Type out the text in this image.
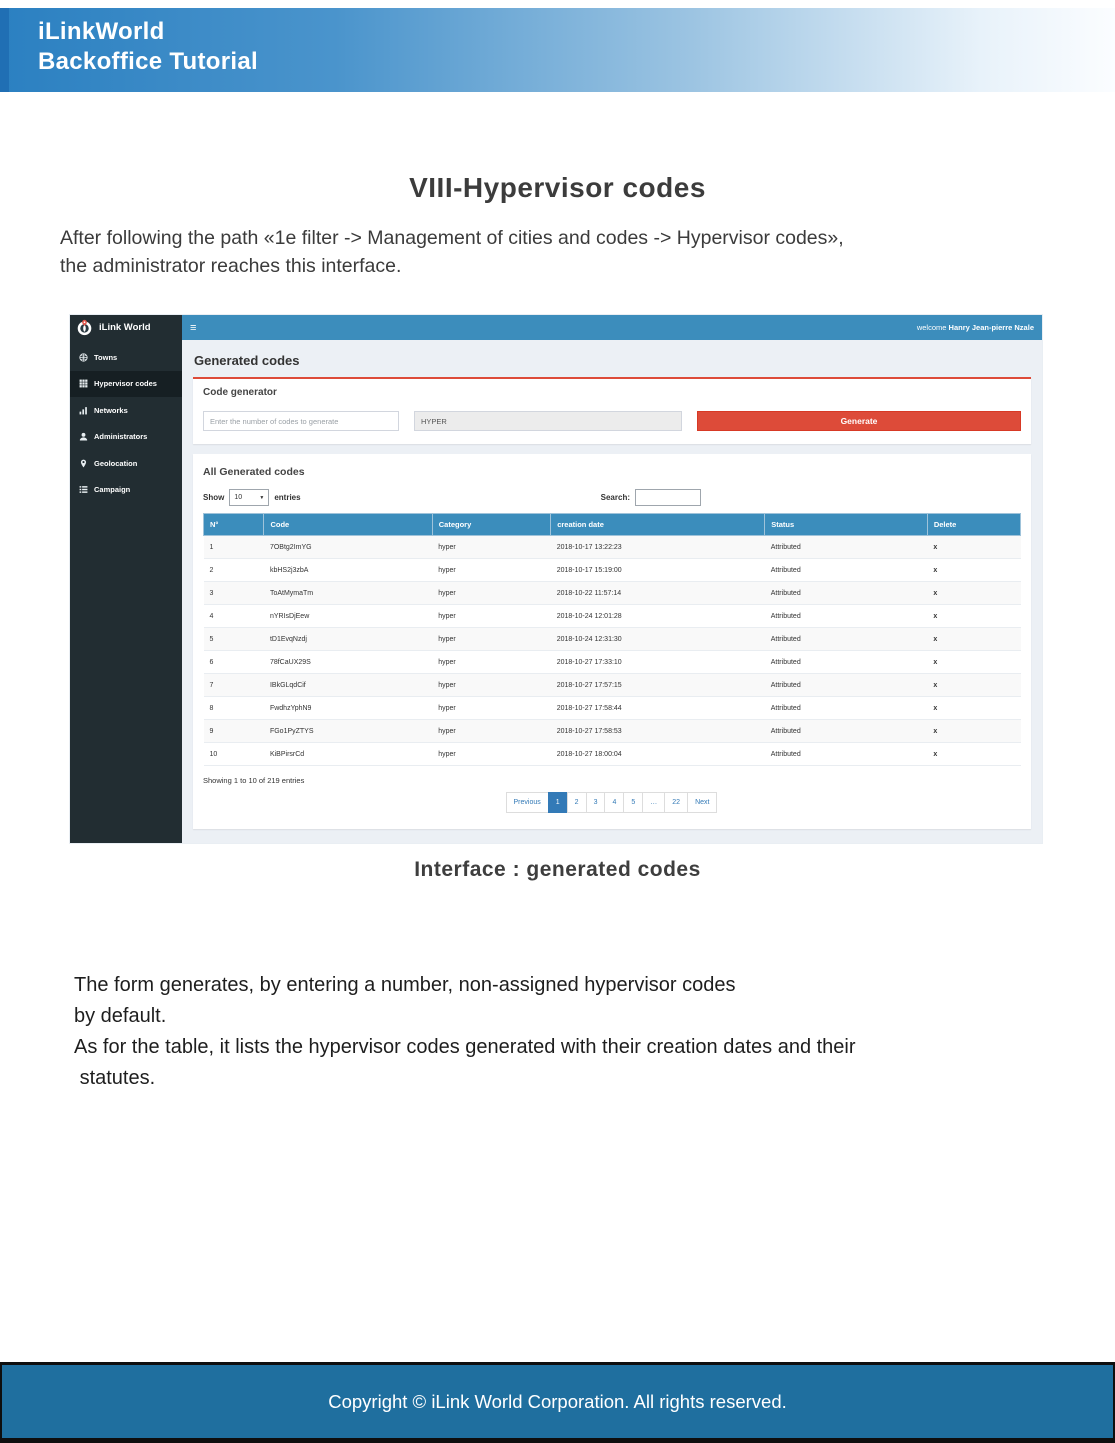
iLinkWorld
Backoffice Tutorial
VIII-Hypervisor codes
After following the path «1e filter -> Management of cities and codes -> Hypervisor codes»,
the administrator reaches this interface.
iLink World	≡	welcome Hanry Jean-pierre Nzale
Towns
Hypervisor codes
Networks
Administrators
Geolocation
Campaign
Generated codes
Code generator
Enter the number of codes to generate
HYPER
Generate
All Generated codes
Show 10	▼ entries	Search:
N°	Code	Category	creation date	Status	Delete
1	7OBtg2ImYG	hyper	2018-10-17 13:22:23	Attributed	x
2	kbHS2j3zbA	hyper	2018-10-17 15:19:00	Attributed	x
3	ToAtMymaTm	hyper	2018-10-22 11:57:14	Attributed	x
4	nYRIsDjEew	hyper	2018-10-24 12:01:28	Attributed	x
5	tD1EvqNzdj	hyper	2018-10-24 12:31:30	Attributed	x
6	78fCaUX29S	hyper	2018-10-27 17:33:10	Attributed	x
7	IBkGLqdCif	hyper	2018-10-27 17:57:15	Attributed	x
8	FwdhzYphN9	hyper	2018-10-27 17:58:44	Attributed	x
9	FGo1PyZTYS	hyper	2018-10-27 17:58:53	Attributed	x
10	KiBPirsrCd	hyper	2018-10-27 18:00:04	Attributed	x
Showing 1 to 10 of 219 entries
Previous	1	2	3	4	5	…	22	Next
Interface : generated codes
The form generates, by entering a number, non-assigned hypervisor codes
by default.
As for the table, it lists the hypervisor codes generated with their creation dates and their
statutes.
Copyright © iLink World Corporation. All rights reserved.
